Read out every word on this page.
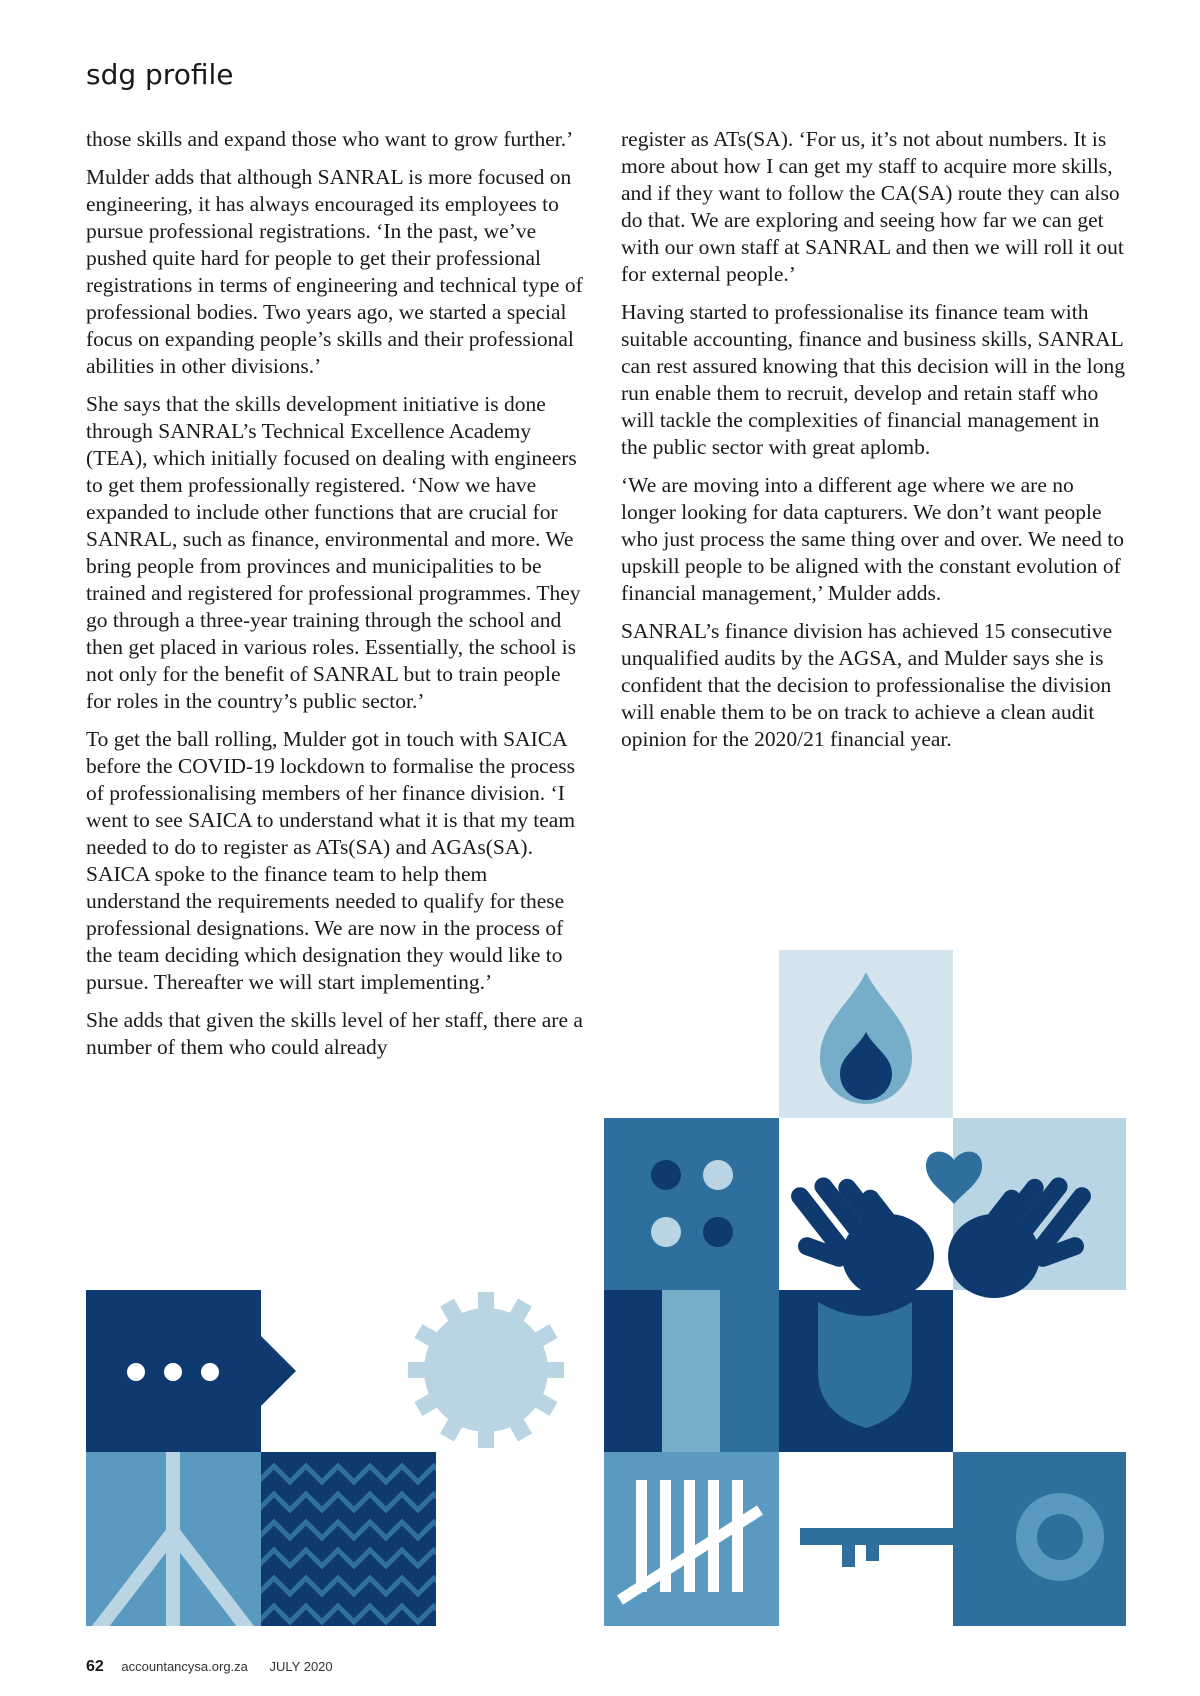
sdg profile

those skills and expand those who want to grow further.’

Mulder adds that although SANRAL is more focused on engineering, it has always encouraged its employees to pursue professional registrations. ‘In the past, we’ve pushed quite hard for people to get their professional registrations in terms of engineering and technical type of professional bodies. Two years ago, we started a special focus on expanding people’s skills and their professional abilities in other divisions.’

She says that the skills development initiative is done through SANRAL’s Technical Excellence Academy (TEA), which initially focused on dealing with engineers to get them professionally registered. ‘Now we have expanded to include other functions that are crucial for SANRAL, such as finance, environmental and more. We bring people from provinces and municipalities to be trained and registered for professional programmes. They go through a three-year training through the school and then get placed in various roles. Essentially, the school is not only for the benefit of SANRAL but to train people for roles in the country’s public sector.’

To get the ball rolling, Mulder got in touch with SAICA before the COVID-19 lockdown to formalise the process of professionalising members of her finance division. ‘I went to see SAICA to understand what it is that my team needed to do to register as ATs(SA) and AGAs(SA). SAICA spoke to the finance team to help them understand the requirements needed to qualify for these professional designations. We are now in the process of the team deciding which designation they would like to pursue. Thereafter we will start implementing.’

She adds that given the skills level of her staff, there are a number of them who could already

register as ATs(SA). ‘For us, it’s not about numbers. It is more about how I can get my staff to acquire more skills, and if they want to follow the CA(SA) route they can also do that. We are exploring and seeing how far we can get with our own staff at SANRAL and then we will roll it out for external people.’

Having started to professionalise its finance team with suitable accounting, finance and business skills, SANRAL can rest assured knowing that this decision will in the long run enable them to recruit, develop and retain staff who will tackle the complexities of financial management in the public sector with great aplomb.

‘We are moving into a different age where we are no longer looking for data capturers. We don’t want people who just process the same thing over and over. We need to upskill people to be aligned with the constant evolution of financial management,’ Mulder adds.

SANRAL’s finance division has achieved 15 consecutive unqualified audits by the AGSA, and Mulder says she is confident that the decision to professionalise the division will enable them to be on track to achieve a clean audit opinion for the 2020/21 financial year.

62 accountancysa.org.za JULY 2020
